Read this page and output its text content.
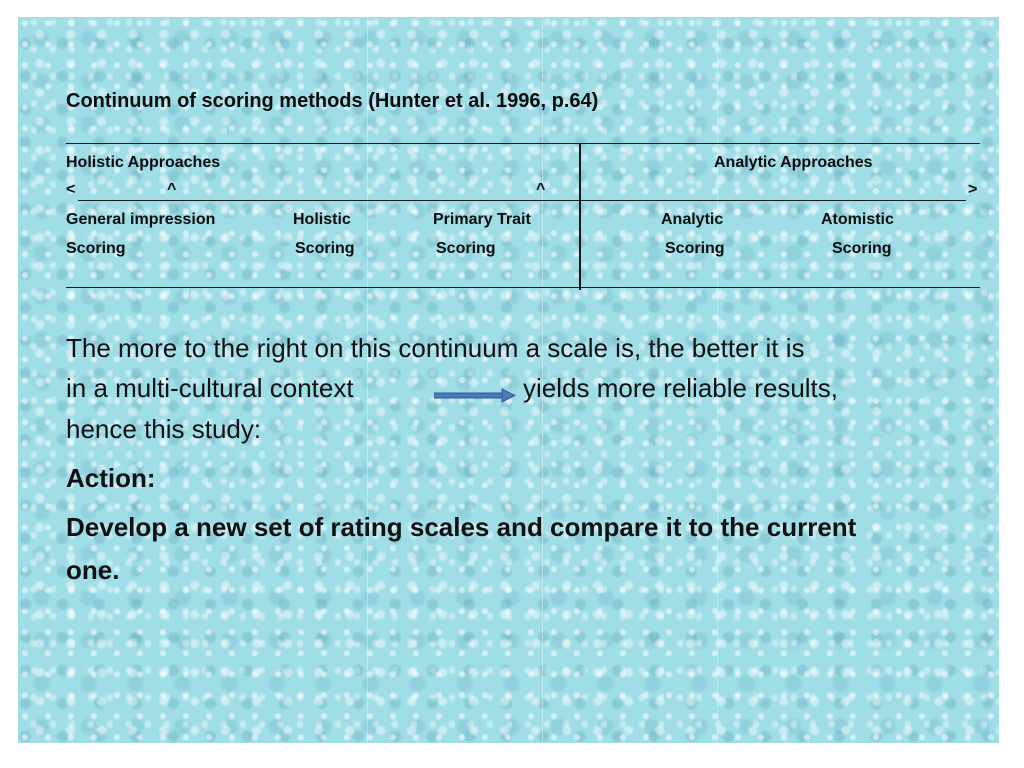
Continuum of scoring methods (Hunter et al. 1996, p.64)
Holistic Approaches	Analytic Approaches
<	^	^	>
General impression	Holistic	Primary Trait	Analytic	Atomistic
Scoring	Scoring	Scoring	Scoring	Scoring
The more to the right on this continuum a scale is, the better it is
in a multi-cultural context	yields more reliable results,
hence this study:
Action:
Develop a new set of rating scales and compare it to the current
one.
